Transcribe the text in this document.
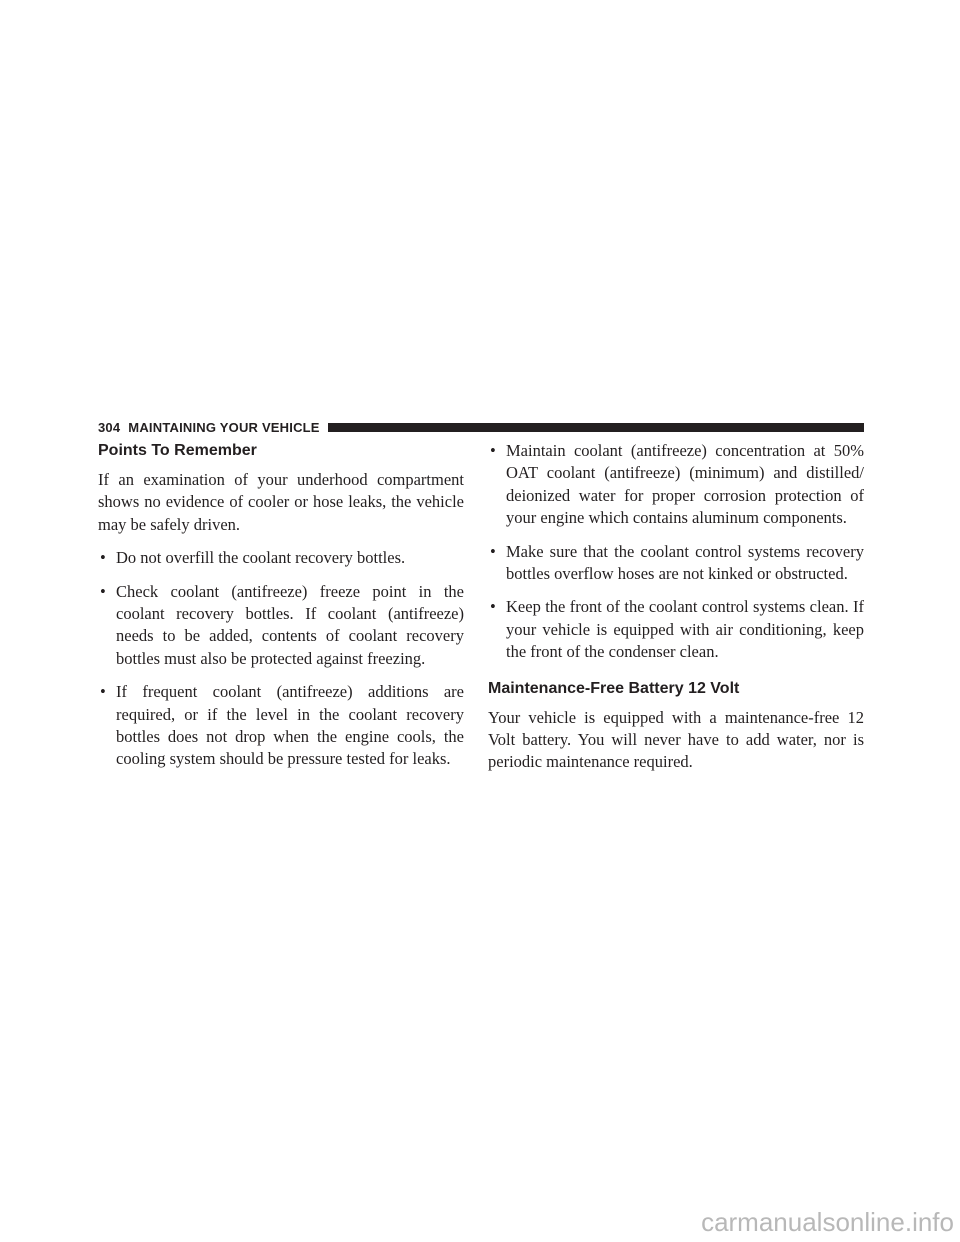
304 MAINTAINING YOUR VEHICLE
Points To Remember

If an examination of your underhood compartment shows no evidence of cooler or hose leaks, the vehicle may be safely driven.

• Do not overfill the coolant recovery bottles.
• Check coolant (antifreeze) freeze point in the coolant recovery bottles. If coolant (antifreeze) needs to be added, contents of coolant recovery bottles must also be protected against freezing.
• If frequent coolant (antifreeze) additions are required, or if the level in the coolant recovery bottles does not drop when the engine cools, the cooling system should be pressure tested for leaks.
• Maintain coolant (antifreeze) concentration at 50% OAT coolant (antifreeze) (minimum) and distilled/ deionized water for proper corrosion protection of your engine which contains aluminum components.
• Make sure that the coolant control systems recovery bottles overflow hoses are not kinked or obstructed.
• Keep the front of the coolant control systems clean. If your vehicle is equipped with air conditioning, keep the front of the condenser clean.
Maintenance-Free Battery 12 Volt

Your vehicle is equipped with a maintenance-free 12 Volt battery. You will never have to add water, nor is periodic maintenance required.

carmanualsonline.info
